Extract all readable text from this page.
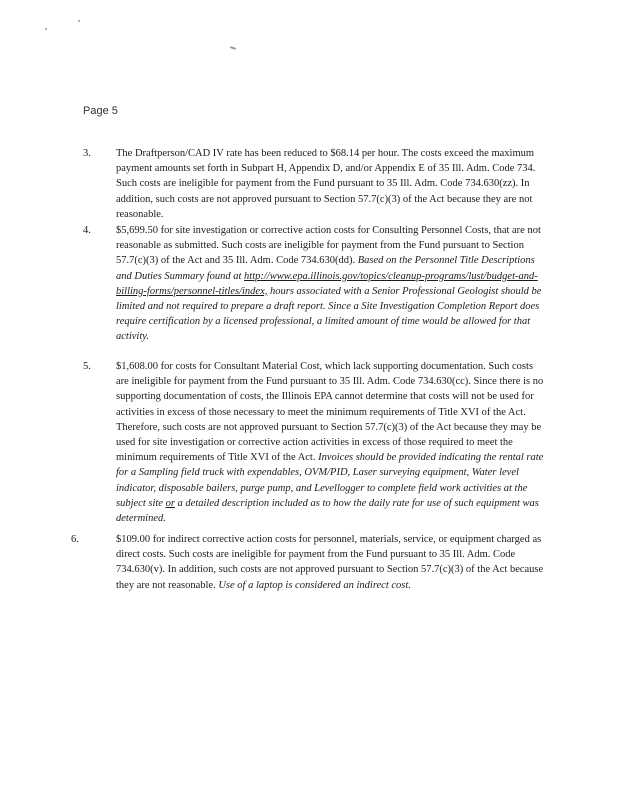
Page 5
3. The Draftperson/CAD IV rate has been reduced to $68.14 per hour. The costs exceed the maximum payment amounts set forth in Subpart H, Appendix D, and/or Appendix E of 35 Ill. Adm. Code 734. Such costs are ineligible for payment from the Fund pursuant to 35 Ill. Adm. Code 734.630(zz). In addition, such costs are not approved pursuant to Section 57.7(c)(3) of the Act because they are not reasonable.
4. $5,699.50 for site investigation or corrective action costs for Consulting Personnel Costs, that are not reasonable as submitted. Such costs are ineligible for payment from the Fund pursuant to Section 57.7(c)(3) of the Act and 35 Ill. Adm. Code 734.630(dd). Based on the Personnel Title Descriptions and Duties Summary found at http://www.epa.illinois.gov/topics/cleanup-programs/lust/budget-and-billing-forms/personnel-titles/index, hours associated with a Senior Professional Geologist should be limited and not required to prepare a draft report. Since a Site Investigation Completion Report does require certification by a licensed professional, a limited amount of time would be allowed for that activity.
5. $1,608.00 for costs for Consultant Material Cost, which lack supporting documentation. Such costs are ineligible for payment from the Fund pursuant to 35 Ill. Adm. Code 734.630(cc). Since there is no supporting documentation of costs, the Illinois EPA cannot determine that costs will not be used for activities in excess of those necessary to meet the minimum requirements of Title XVI of the Act. Therefore, such costs are not approved pursuant to Section 57.7(c)(3) of the Act because they may be used for site investigation or corrective action activities in excess of those required to meet the minimum requirements of Title XVI of the Act. Invoices should be provided indicating the rental rate for a Sampling field truck with expendables, OVM/PID, Laser surveying equipment, Water level indicator, disposable bailers, purge pump, and Levellogger to complete field work activities at the subject site or a detailed description included as to how the daily rate for use of such equipment was determined.
6.	$109.00 for indirect corrective action costs for personnel, materials, service, or equipment charged as direct costs. Such costs are ineligible for payment from the Fund pursuant to 35 Ill. Adm. Code 734.630(v). In addition, such costs are not approved pursuant to Section 57.7(c)(3) of the Act because they are not reasonable. Use of a laptop is considered an indirect cost.
